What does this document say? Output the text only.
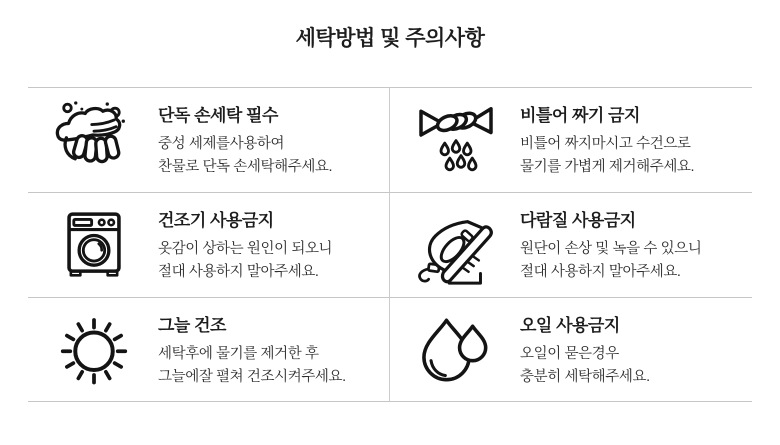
세탁방법 및 주의사항
단독 손세탁 필수
중성 세제를사용하여
찬물로 단독 손세탁해주세요.
비틀어 짜기 금지
비틀어 짜지마시고 수건으로
물기를 가볍게 제거해주세요.
건조기 사용금지
옷감이 상하는 원인이 되오니
절대 사용하지 말아주세요.
다람질 사용금지
원단이 손상 및 녹을 수 있으니
절대 사용하지 말아주세요.
그늘 건조
세탁후에 물기를 제거한 후
그늘에잘 펼쳐 건조시켜주세요.
오일 사용금지
오일이 묻은경우
충분히 세탁해주세요.
